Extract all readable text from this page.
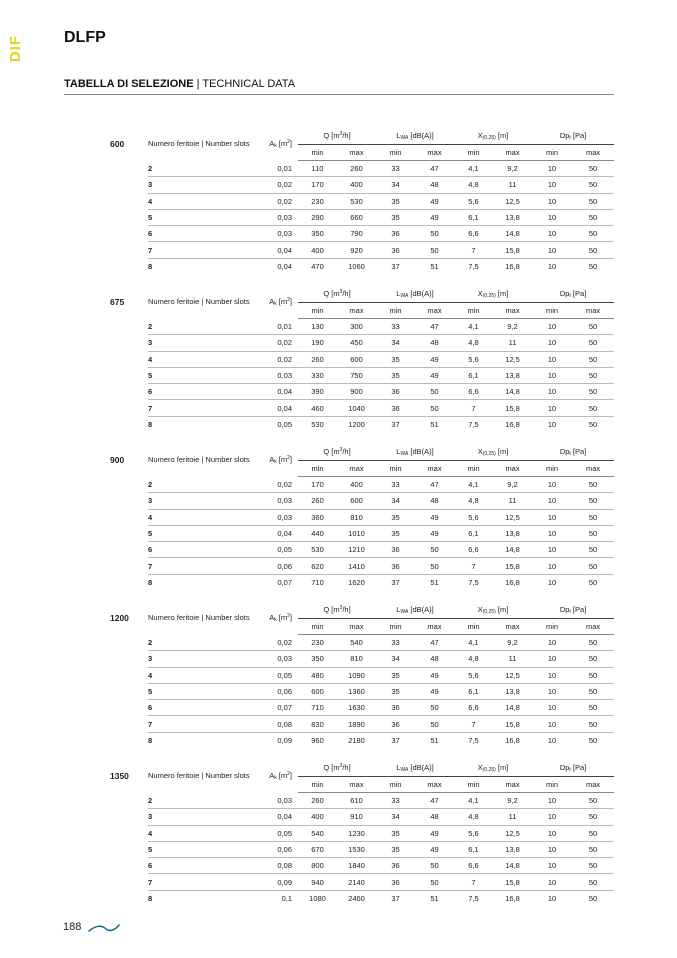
DIF DLFP
TABELLA DI SELEZIONE | TECHNICAL DATA
600	Numero feritoie | Number slots	$A_k$ $[m^2]$	Q $[m^3/h]$		$L_{WA}$ [dB(A)]		$X_{(0,25)}$ [m]		$Dp_t$ [Pa]	
			min	max	min	max	min	max	min	max
	2	0,01	110	260	33	47	4,1	9,2	10	50
	3	0,02	170	400	34	48	4,8	11	10	50
	4	0,02	230	530	35	49	5,6	12,5	10	50
	5	0,03	290	660	35	49	6,1	13,8	10	50
	6	0,03	350	790	36	50	6,6	14,8	10	50
	7	0,04	400	920	36	50	7	15,8	10	50
	8	0,04	470	1060	37	51	7,5	16,8	10	50
675	Numero feritoie | Number slots	$A_k$ $[m^2]$	Q $[m^3/h]$		$L_{WA}$ [dB(A)]		$X_{(0,25)}$ [m]		$Dp_t$ [Pa]	
			min	max	min	max	min	max	min	max
	2	0,01	130	300	33	47	4,1	9,2	10	50
	3	0,02	190	450	34	48	4,8	11	10	50
	4	0,02	260	600	35	49	5,6	12,5	10	50
	5	0,03	330	750	35	49	6,1	13,8	10	50
	6	0,04	390	900	36	50	6,6	14,8	10	50
	7	0,04	460	1040	36	50	7	15,8	10	50
	8	0,05	530	1200	37	51	7,5	16,8	10	50
900	Numero feritoie | Number slots	$A_k$ $[m^2]$	Q $[m^3/h]$		$L_{WA}$ [dB(A)]		$X_{(0,25)}$ [m]		$Dp_t$ [Pa]	
			min	max	min	max	min	max	min	max
	2	0,02	170	400	33	47	4,1	9,2	10	50
	3	0,03	260	600	34	48	4,8	11	10	50
	4	0,03	360	810	35	49	5,6	12,5	10	50
	5	0,04	440	1010	35	49	6,1	13,8	10	50
	6	0,05	530	1210	36	50	6,6	14,8	10	50
	7	0,06	620	1410	36	50	7	15,8	10	50
	8	0,07	710	1620	37	51	7,5	16,8	10	50
1200	Numero feritoie | Number slots	$A_k$ $[m^2]$	Q $[m^3/h]$		$L_{WA}$ [dB(A)]		$X_{(0,25)}$ [m]		$Dp_t$ [Pa]	
			min	max	min	max	min	max	min	max
	2	0,02	230	540	33	47	4,1	9,2	10	50
	3	0,03	350	810	34	48	4,8	11	10	50
	4	0,05	480	1090	35	49	5,6	12,5	10	50
	5	0,06	600	1360	35	49	6,1	13,8	10	50
	6	0,07	710	1630	36	50	6,6	14,8	10	50
	7	0,08	830	1890	36	50	7	15,8	10	50
	8	0,09	960	2180	37	51	7,5	16,8	10	50
1350	Numero feritoie | Number slots	$A_k$ $[m^2]$	Q $[m^3/h]$		$L_{WA}$ [dB(A)]		$X_{(0,25)}$ [m]		$Dp_t$ [Pa]	
			min	max	min	max	min	max	min	max
	2	0,03	260	610	33	47	4,1	9,2	10	50
	3	0,04	400	910	34	48	4,8	11	10	50
	4	0,05	540	1230	35	49	5,6	12,5	10	50
	5	0,06	670	1530	35	49	6,1	13,8	10	50
	6	0,08	800	1840	36	50	6,6	14,8	10	50
	7	0,09	940	2140	36	50	7	15,8	10	50
	8	0,1	1080	2460	37	51	7,5	16,8	10	50
188
